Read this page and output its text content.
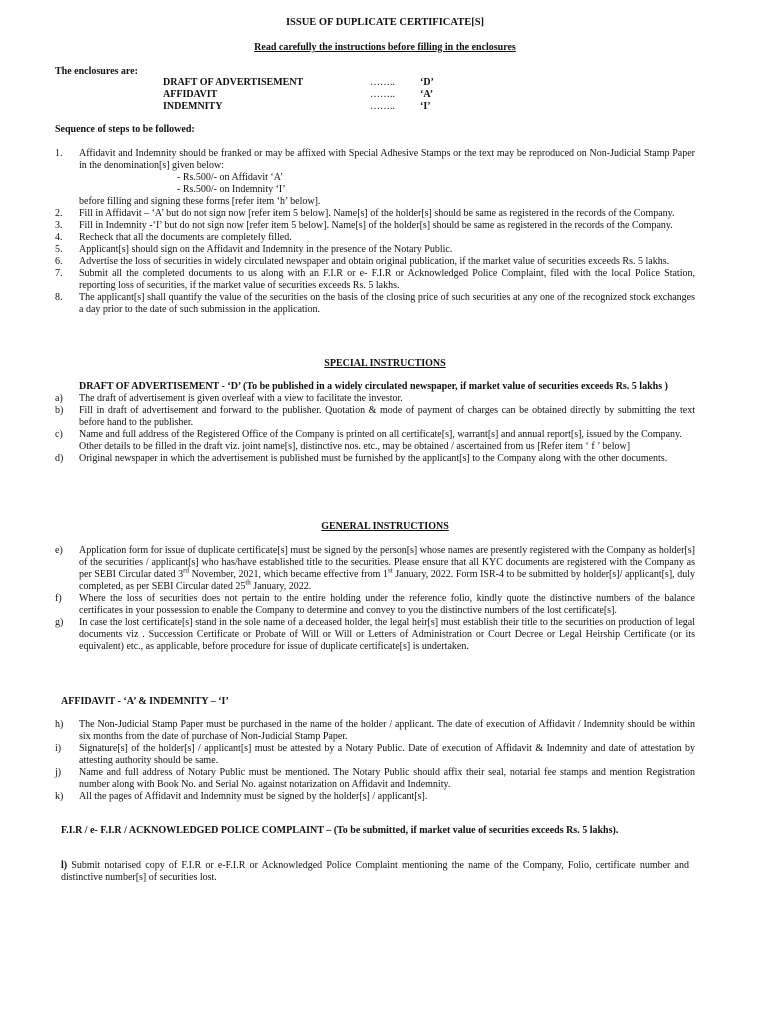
ISSUE OF DUPLICATE CERTIFICATE[S]
Read carefully the instructions before filling in the enclosures
The enclosures are:
DRAFT OF ADVERTISEMENT	……..	‘D’
AFFIDAVIT	……..	‘A’
INDEMNITY	……..	‘I’
Sequence of steps to be followed:
1.	Affidavit and Indemnity should be franked or may be affixed with Special Adhesive Stamps or the text may be reproduced on Non-Judicial Stamp Paper in the denomination[s] given below:
- Rs.500/- on Affidavit ‘A’
- Rs.500/- on Indemnity ‘I’
before filling and signing these forms [refer item ‘h’ below].
2.	Fill in Affidavit – ‘A’ but do not sign now [refer item 5 below]. Name[s] of the holder[s] should be same as registered in the records of the Company.
3.	Fill in Indemnity -‘I’ but do not sign now [refer item 5 below]. Name[s] of the holder[s] should be same as registered in the records of the Company.
4.	Recheck that all the documents are completely filled.
5.	Applicant[s] should sign on the Affidavit and Indemnity in the presence of the Notary Public.
6.	Advertise the loss of securities in widely circulated newspaper and obtain original publication, if the market value of securities exceeds Rs. 5 lakhs.
7.	Submit all the completed documents to us along with an F.I.R or e- F.I.R or Acknowledged Police Complaint, filed with the local Police Station, reporting loss of securities, if the market value of securities exceeds Rs. 5 lakhs.
8.	The applicant[s] shall quantify the value of the securities on the basis of the closing price of such securities at any one of the recognized stock exchanges a day prior to the date of such submission in the application.
SPECIAL INSTRUCTIONS
DRAFT OF ADVERTISEMENT - ‘D’ (To be published in a widely circulated newspaper, if market value of securities exceeds Rs. 5 lakhs )
a)	The draft of advertisement is given overleaf with a view to facilitate the investor.
b)	Fill in draft of advertisement and forward to the publisher. Quotation & mode of payment of charges can be obtained directly by submitting the text before hand to the publisher.
c)	Name and full address of the Registered Office of the Company is printed on all certificate[s], warrant[s] and annual report[s], issued by the Company.
Other details to be filled in the draft viz. joint name[s], distinctive nos. etc., may be obtained / ascertained from us [Refer item ‘ f ’ below]
d)	Original newspaper in which the advertisement is published must be furnished by the applicant[s] to the Company along with the other documents.
GENERAL INSTRUCTIONS
e)	Application form for issue of duplicate certificate[s] must be signed by the person[s] whose names are presently registered with the Company as holder[s] of the securities / applicant[s] who has/have established title to the securities. Please ensure that all KYC documents are registered with the Company as per SEBI Circular dated 3rd November, 2021, which became effective from 1st January, 2022. Form ISR-4 to be submitted by holder[s]/ applicant[s], duly completed, as per SEBI Circular dated 25th January, 2022.
f)	Where the loss of securities does not pertain to the entire holding under the reference folio, kindly quote the distinctive numbers of the balance certificates in your possession to enable the Company to determine and convey to you the distinctive numbers of the lost certificate[s].
g)	In case the lost certificate[s] stand in the sole name of a deceased holder, the legal heir[s] must establish their title to the securities on production of legal documents viz . Succession Certificate or Probate of Will or Will or Letters of Administration or Court Decree or Legal Heirship Certificate (or its equivalent) etc., as applicable, before procedure for issue of duplicate certificate[s] is undertaken.
AFFIDAVIT - ‘A’ & INDEMNITY – ‘I’
h)	The Non-Judicial Stamp Paper must be purchased in the name of the holder / applicant. The date of execution of Affidavit / Indemnity should be within six months from the date of purchase of Non-Judicial Stamp Paper.
i)	Signature[s] of the holder[s] / applicant[s] must be attested by a Notary Public. Date of execution of Affidavit & Indemnity and date of attestation by attesting authority should be same.
j)	Name and full address of Notary Public must be mentioned. The Notary Public should affix their seal, notarial fee stamps and mention Registration number along with Book No. and Serial No. against notarization on Affidavit and Indemnity.
k)	All the pages of Affidavit and Indemnity must be signed by the holder[s] / applicant[s].
F.I.R / e- F.I.R / ACKNOWLEDGED POLICE COMPLAINT – (To be submitted, if market value of securities exceeds Rs. 5 lakhs).
l) Submit notarised copy of F.I.R or e-F.I.R or Acknowledged Police Complaint mentioning the name of the Company, Folio, certificate number and distinctive number[s] of securities lost.
